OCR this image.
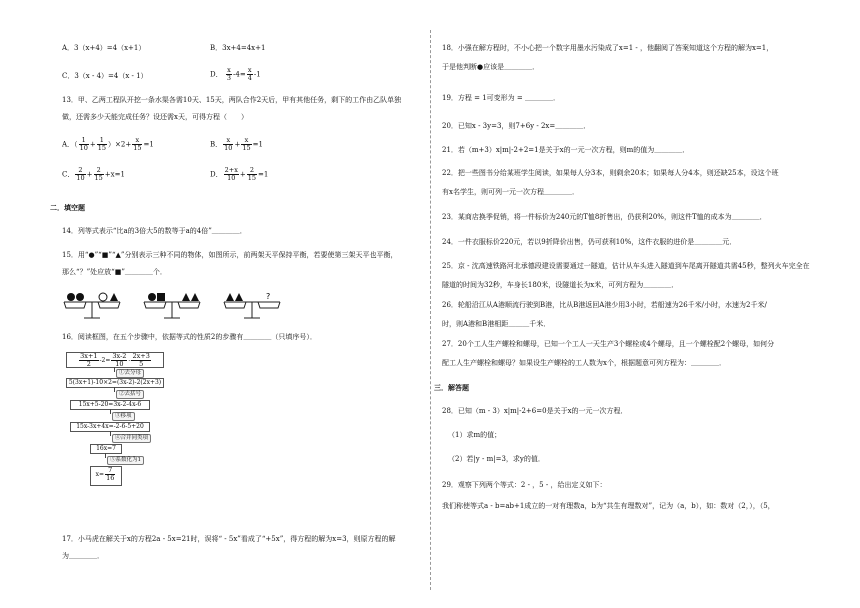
A．3（x+4）=4（x+1）	B．3x+4=4x+1
C．3（x - 4）=4（x - 1）	D． $\frac{x}{3} -4= \frac{x}{4} -1$
13．甲、乙两工程队开挖一条水渠各需10天、15天，两队合作2天后，甲有其他任务，剩下的工作由乙队单独
做，还需多少天能完成任务？设还需x天，可得方程（　　）
A．（ $\frac{1}{10} + \frac{1}{15} )\times 2+ \frac{x}{15} =1$	B． $\frac{x}{10} + \frac{x}{15} =1$
C． $\frac{2}{10} + \frac{2}{15} +x=1$	D． $\frac{2+x}{10} + \frac{2}{15} =1$
二．填空题
14．列等式表示“比a的3倍大5的数等于a的4倍”＿＿＿＿．
15．用“●”“■”“▲”分别表示三种不同的物体，如图所示，前两架天平保持平衡，若要使第三架天平也平衡，
那么“？”处应放“■”＿＿＿＿个．
?
16．阅读框图，在五个步骤中，依据等式的性质2的步骤有＿＿＿＿（只填序号）．
$\frac{3x+1}{2} -2= \frac{3x-2}{10} - \frac{2x+3}{5}$
①去分母
5(3x+1)-10×2=(3x-2)-2(2x+3)
②去括号
15x+5-20=3x-2-4x-6
③移项
15x-3x+4x=-2-6-5+20
④合并同类项
16x=7
⑤系数化为1
$x= \frac{7}{16}$
17．小马虎在解关于x的方程2a - 5x=21时，误将“ - 5x”看成了“+5x”，得方程的解为x=3，则原方程的解
为＿＿＿＿．
18．小强在解方程时，不小心把一个数字用墨水污染成了x=1 - ，他翻阅了答案知道这个方程的解为x=1，
于是他判断●应该是＿＿＿＿．
19．方程 = 1可变形为 = ＿＿＿＿．
20．已知x - 3y=3，则7+6y - 2x=＿＿＿＿．
21．若（m+3）x|m|-2+2=1是关于x的一元一次方程，则m的值为＿＿＿＿．
22．把一些图书分给某班学生阅读，如果每人分3本，则剩余20本；如果每人分4本，则还缺25本，设这个班
有x名学生，则可列一元一次方程＿＿＿＿．
23．某商店换季促销，将一件标价为240元的T恤8折售出，仍获利20%，则这件T恤的成本为＿＿＿＿．
24．一件衣服标价220元，若以9折降价出售，仍可获利10%，这件衣服的进价是＿＿＿＿元．
25．京 - 沈高速铁路河北承德段建设需要通过一隧道，估计从车头进入隧道到车尾离开隧道共需45秒，整列火车完全在
隧道的时间为32秒，车身长180米，设隧道长为x米，可列方程为＿＿＿＿．
26．轮船沿江从A港顺流行驶到B港，比从B港返回A港少用3小时，若船速为26千米/小时，水速为2千米/
时，则A港和B港相距＿＿＿千米．
27．20个工人生产螺栓和螺母，已知一个工人一天生产3个螺栓或4个螺母，且一个螺栓配2个螺母，如何分
配工人生产螺栓和螺母？如果设生产螺栓的工人数为x个，根据题意可列方程为：＿＿＿＿．
三．解答题
28．已知（m - 3）x|m|-2+6=0是关于x的一元一次方程．
（1）求m的值；
（2）若|y - m|=3，求y的值．
29．观察下列两个等式：2 - ，5 - ，给出定义如下：
我们称使等式a - b=ab+1成立的一对有理数a，b为“共生有理数对”，记为（a，b），如：数对（2，），（5，
